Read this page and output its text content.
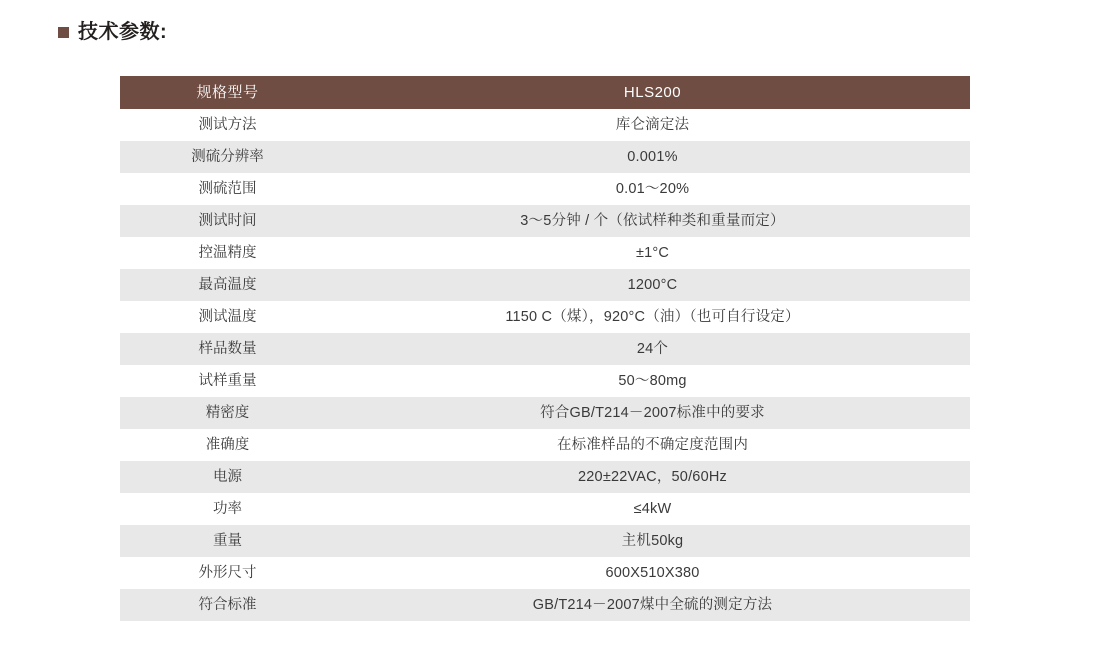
技术参数:
规格型号	HLS200
测试方法	库仑滴定法
测硫分辨率	0.001%
测硫范围	0.01～20%
测试时间	3～5分钟 / 个（依试样种类和重量而定）
控温精度	±1°C
最高温度	1200°C
测试温度	1150 C（煤），920°C（油）（也可自行设定）
样品数量	24个
试样重量	50～80mg
精密度	符合GB/T214－2007标准中的要求
准确度	在标准样品的不确定度范围内
电源	220±22VAC，50/60Hz
功率	≤4kW
重量	主机50kg
外形尺寸	600X510X380
符合标准	GB/T214－2007煤中全硫的测定方法
